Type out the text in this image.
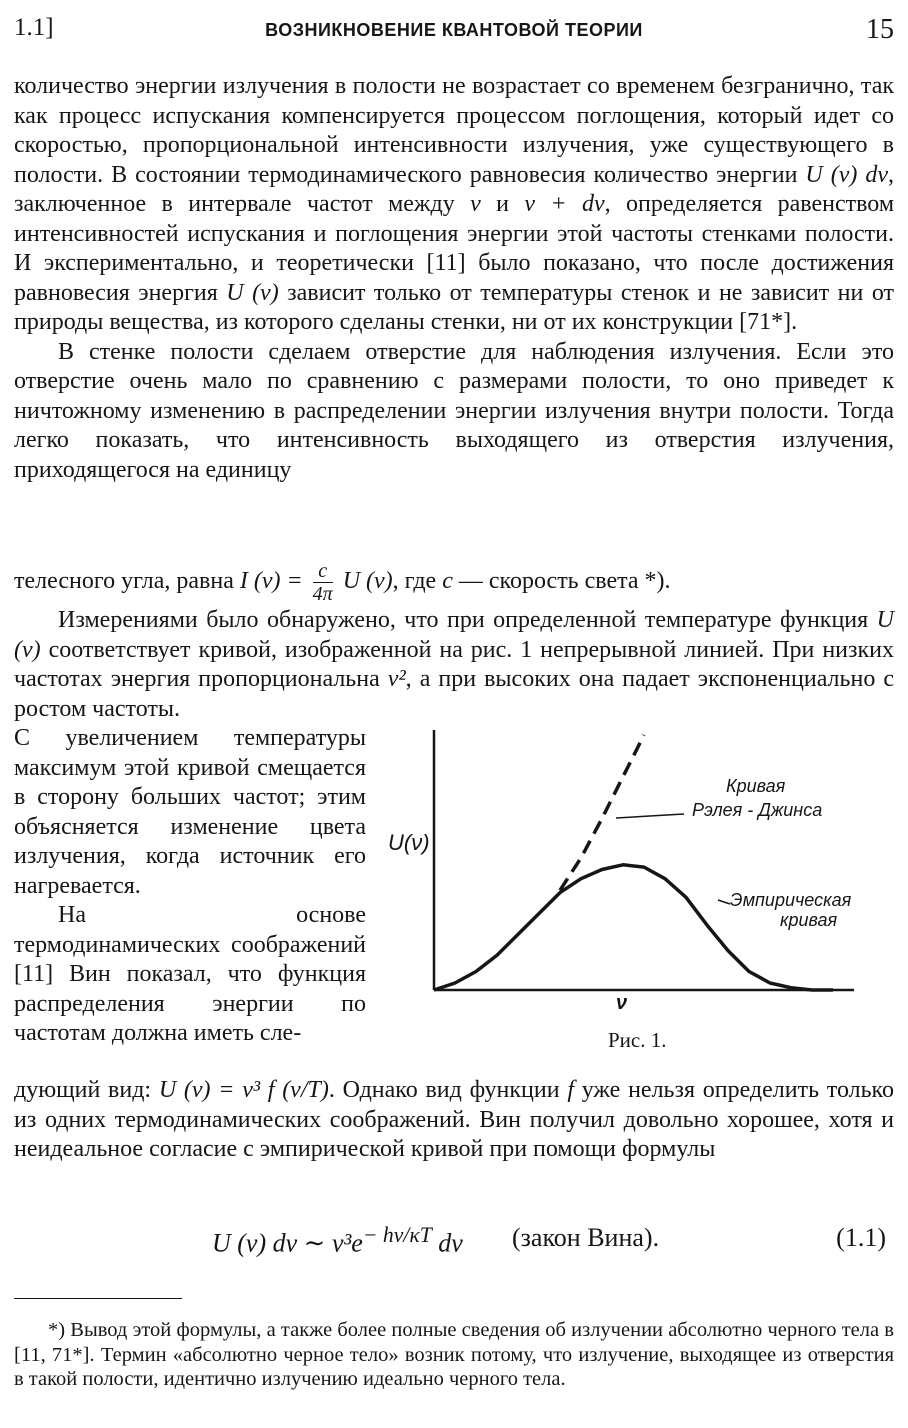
1.1]	ВОЗНИКНОВЕНИЕ КВАНТОВОЙ ТЕОРИИ	15

количество энергии излучения в полости не возрастает со временем безгранично, так как процесс испускания компенсируется процессом поглощения, который идет со скоростью, пропорциональной интенсивности излучения, уже существующего в полости. В состоянии термодинамического равновесия количество энергии U (ν) dν, заключенное в интервале частот между ν и ν + dν, определяется равенством интенсивностей испускания и поглощения энергии этой частоты стенками полости. И экспериментально, и теоретически [11] было показано, что после достижения равновесия энергия U (ν) зависит только от температуры стенок и не зависит ни от природы вещества, из которого сделаны стенки, ни от их конструкции [71*].

В стенке полости сделаем отверстие для наблюдения излучения. Если это отверстие очень мало по сравнению с размерами полости, то оно приведет к ничтожному изменению в распределении энергии излучения внутри полости. Тогда легко показать, что интенсивность выходящего из отверстия излучения, приходящегося на единицу

телесного угла, равна I $(\nu) = \frac{c}{4\pi}$ U (ν), где c — скорость света *).

Измерениями было обнаружено, что при определенной температуре функция U (ν) соответствует кривой, изображенной на рис. 1 непрерывной линией. При низких частотах энергия пропорциональна ν², а при высоких она падает экспоненциально с ростом частоты.

С увеличением температуры максимум этой кривой смещается в сторону больших частот; этим объясняется изменение цвета излучения, когда источник его нагревается.

На основе термодинамических соображений [11] Вин показал, что функция распределения энергии по частотам должна иметь сле-

U(ν)
ν
Кривая
Рэлея - Джинса
Эмпирическая
кривая
Рис. 1.

дующий вид: U (ν) = ν³ f (ν/T). Однако вид функции f уже нельзя определить только из одних термодинамических соображений. Вин получил довольно хорошее, хотя и неидеальное согласие с эмпирической кривой при помощи формулы

U (ν) dν ∼ $\nu^3e^{- h\nu/\kappa T}$ dν (закон Вина).	(1.1)

*) Вывод этой формулы, а также более полные сведения об излучении абсолютно черного тела в [11, 71*]. Термин «абсолютно черное тело» возник потому, что излучение, выходящее из отверстия в такой полости, идентично излучению идеально черного тела.
